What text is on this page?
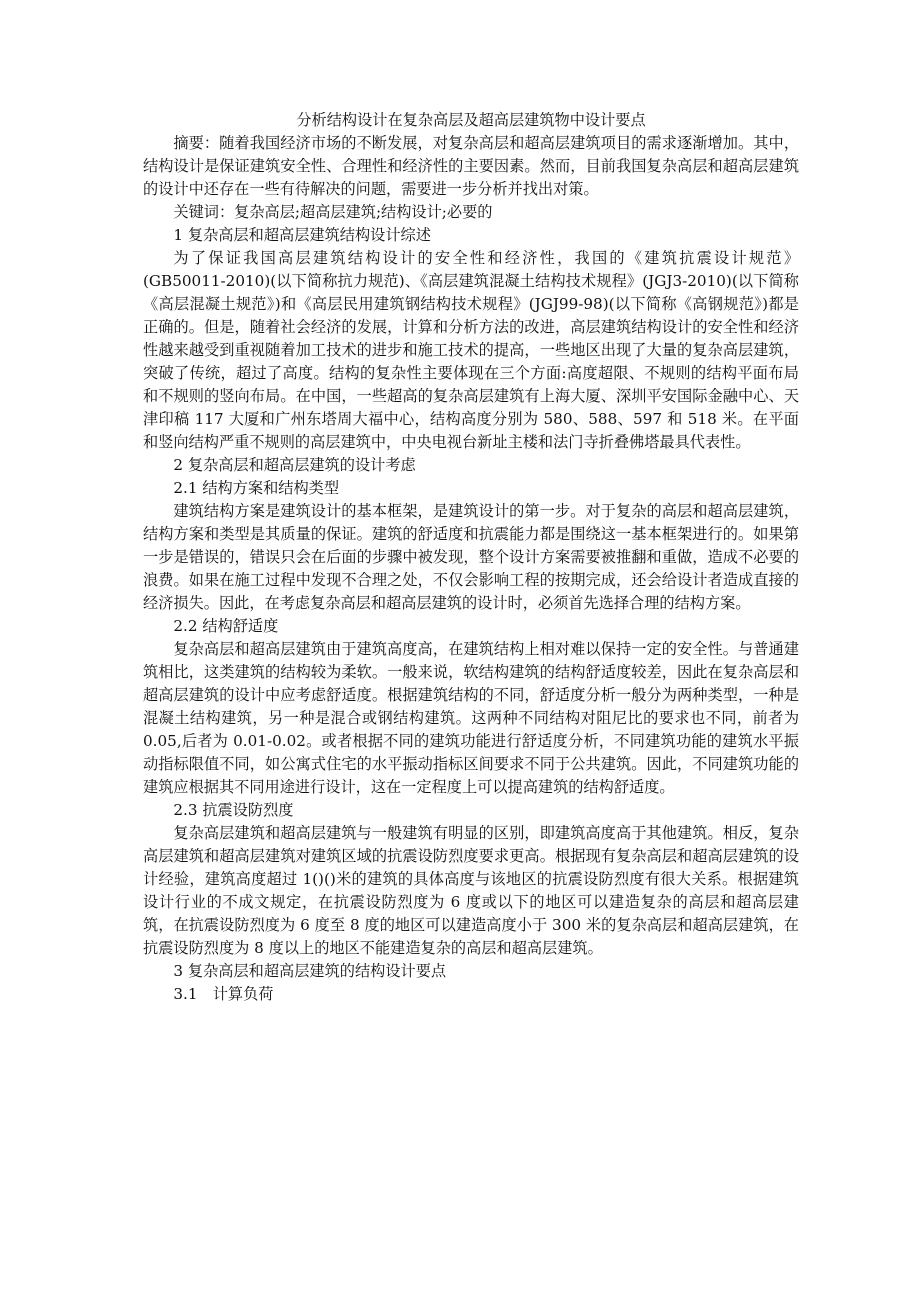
分析结构设计在复杂高层及超高层建筑物中设计要点

摘要：随着我国经济市场的不断发展，对复杂高层和超高层建筑项目的需求逐渐增加。其中，结构设计是保证建筑安全性、合理性和经济性的主要因素。然而，目前我国复杂高层和超高层建筑的设计中还存在一些有待解决的问题，需要进一步分析并找出对策。

关键词：复杂高层;超高层建筑;结构设计;必要的

1 复杂高层和超高层建筑结构设计综述

为了保证我国高层建筑结构设计的安全性和经济性，我国的《建筑抗震设计规范》(GB50011-2010)(以下简称抗力规范)、《高层建筑混凝土结构技术规程》(JGJ3-2010)(以下简称《高层混凝土规范》)和《高层民用建筑钢结构技术规程》(JGJ99-98)(以下简称《高钢规范》)都是正确的。但是，随着社会经济的发展，计算和分析方法的改进，高层建筑结构设计的安全性和经济性越来越受到重视随着加工技术的进步和施工技术的提高，一些地区出现了大量的复杂高层建筑，突破了传统，超过了高度。结构的复杂性主要体现在三个方面:高度超限、不规则的结构平面布局和不规则的竖向布局。在中国，一些超高的复杂高层建筑有上海大厦、深圳平安国际金融中心、天津印稿 117 大厦和广州东塔周大福中心，结构高度分别为 580、588、597 和 518 米。在平面和竖向结构严重不规则的高层建筑中，中央电视台新址主楼和法门寺折叠佛塔最具代表性。

2 复杂高层和超高层建筑的设计考虑
2.1 结构方案和结构类型

建筑结构方案是建筑设计的基本框架，是建筑设计的第一步。对于复杂的高层和超高层建筑，结构方案和类型是其质量的保证。建筑的舒适度和抗震能力都是围绕这一基本框架进行的。如果第一步是错误的，错误只会在后面的步骤中被发现，整个设计方案需要被推翻和重做，造成不必要的浪费。如果在施工过程中发现不合理之处，不仅会影响工程的按期完成，还会给设计者造成直接的经济损失。因此，在考虑复杂高层和超高层建筑的设计时，必须首先选择合理的结构方案。

2.2 结构舒适度

复杂高层和超高层建筑由于建筑高度高，在建筑结构上相对难以保持一定的安全性。与普通建筑相比，这类建筑的结构较为柔软。一般来说，软结构建筑的结构舒适度较差，因此在复杂高层和超高层建筑的设计中应考虑舒适度。根据建筑结构的不同，舒适度分析一般分为两种类型，一种是混凝土结构建筑，另一种是混合或钢结构建筑。这两种不同结构对阻尼比的要求也不同，前者为 0.05,后者为 0.01-0.02。或者根据不同的建筑功能进行舒适度分析，不同建筑功能的建筑水平振动指标限值不同，如公寓式住宅的水平振动指标区间要求不同于公共建筑。因此，不同建筑功能的建筑应根据其不同用途进行设计，这在一定程度上可以提高建筑的结构舒适度。

2.3 抗震设防烈度

复杂高层建筑和超高层建筑与一般建筑有明显的区别，即建筑高度高于其他建筑。相反，复杂高层建筑和超高层建筑对建筑区域的抗震设防烈度要求更高。根据现有复杂高层和超高层建筑的设计经验，建筑高度超过 1()()米的建筑的具体高度与该地区的抗震设防烈度有很大关系。根据建筑设计行业的不成文规定，在抗震设防烈度为 6 度或以下的地区可以建造复杂的高层和超高层建筑，在抗震设防烈度为 6 度至 8 度的地区可以建造高度小于 300 米的复杂高层和超高层建筑，在抗震设防烈度为 8 度以上的地区不能建造复杂的高层和超高层建筑。

3 复杂高层和超高层建筑的结构设计要点
3.1　计算负荷
